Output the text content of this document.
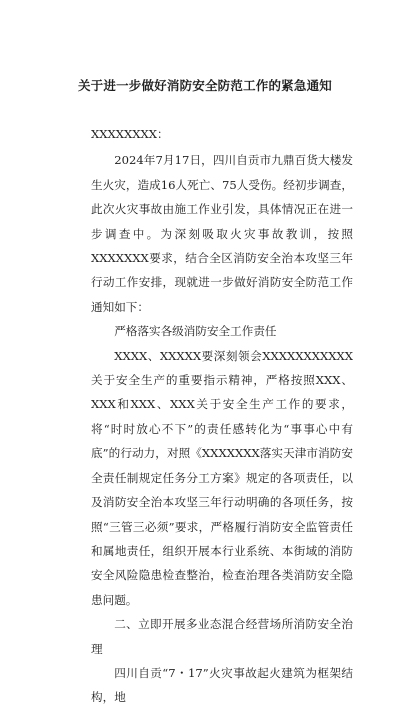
关于进一步做好消防安全防范工作的紧急通知

XXXXXXXX：

2024年7月17日，四川自贡市九鼎百货大楼发生火灾，造成16人死亡、75人受伤。经初步调查，此次火灾事故由施工作业引发，具体情况正在进一步调查中。为深刻吸取火灾事故教训，按照XXXXXXX要求，结合全区消防安全治本攻坚三年行动工作安排，现就进一步做好消防安全防范工作通知如下：

严格落实各级消防安全工作责任

XXXX、XXXXX要深刻领会XXXXXXXXXXX关于安全生产的重要指示精神，严格按照XXX、XXX和XXX、XXX关于安全生产工作的要求，将“时时放心不下”的责任感转化为“事事心中有底”的行动力，对照《XXXXXXX落实天津市消防安全责任制规定任务分工方案》规定的各项责任，以及消防安全治本攻坚三年行动明确的各项任务，按照“三管三必须”要求，严格履行消防安全监管责任和属地责任，组织开展本行业系统、本街域的消防安全风险隐患检查整治，检查治理各类消防安全隐患问题。

二、立即开展多业态混合经营场所消防安全治理

四川自贡“7・17”火灾事故起火建筑为框架结构，地
